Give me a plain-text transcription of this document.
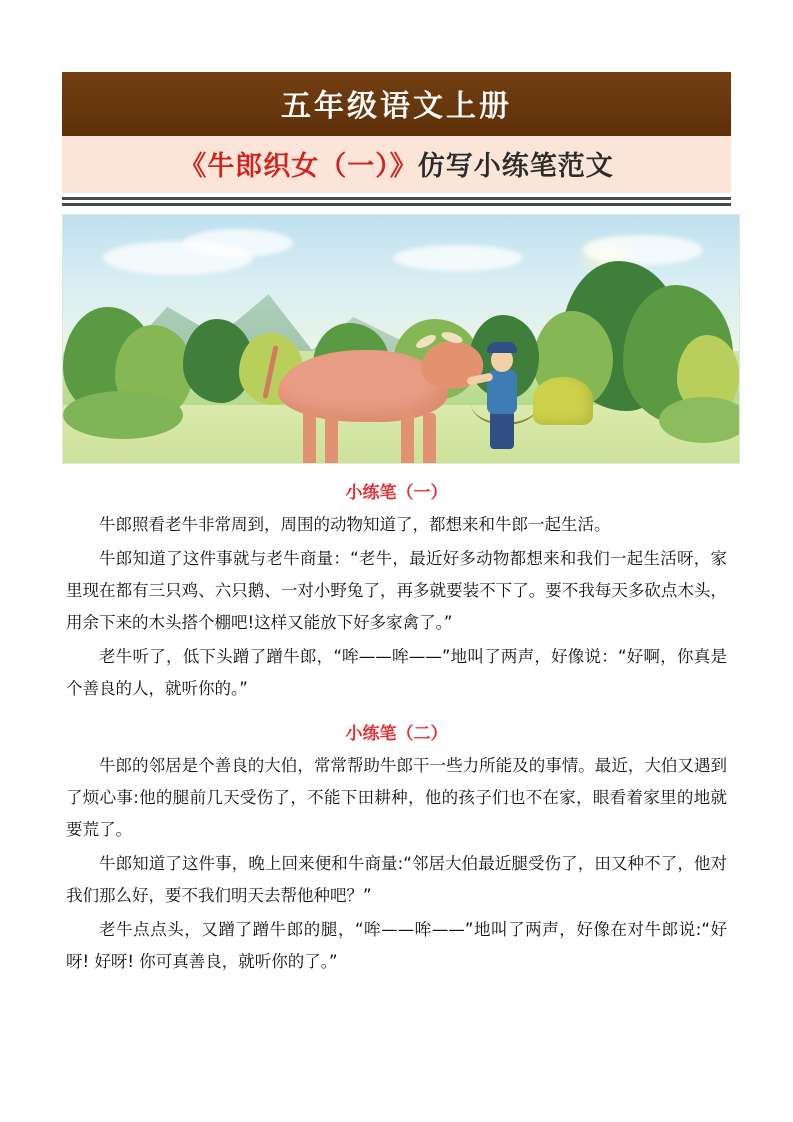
五年级语文上册
《牛郎织女（一）》仿写小练笔范文
小练笔（一）

牛郎照看老牛非常周到，周围的动物知道了，都想来和牛郎一起生活。

牛郎知道了这件事就与老牛商量：“老牛，最近好多动物都想来和我们一起生活呀，家里现在都有三只鸡、六只鹅、一对小野兔了，再多就要装不下了。要不我每天多砍点木头，用余下来的木头搭个棚吧!这样又能放下好多家禽了。”

老牛听了，低下头蹭了蹭牛郎，“哞——哞——”地叫了两声，好像说：“好啊，你真是个善良的人，就听你的。”

小练笔（二）

牛郎的邻居是个善良的大伯，常常帮助牛郎干一些力所能及的事情。最近，大伯又遇到了烦心事:他的腿前几天受伤了，不能下田耕种，他的孩子们也不在家，眼看着家里的地就要荒了。

牛郎知道了这件事，晚上回来便和牛商量:“邻居大伯最近腿受伤了，田又种不了，他对我们那么好，要不我们明天去帮他种吧？”

老牛点点头，又蹭了蹭牛郎的腿，“哞——哞——”地叫了两声，好像在对牛郎说:“好呀! 好呀! 你可真善良，就听你的了。”
